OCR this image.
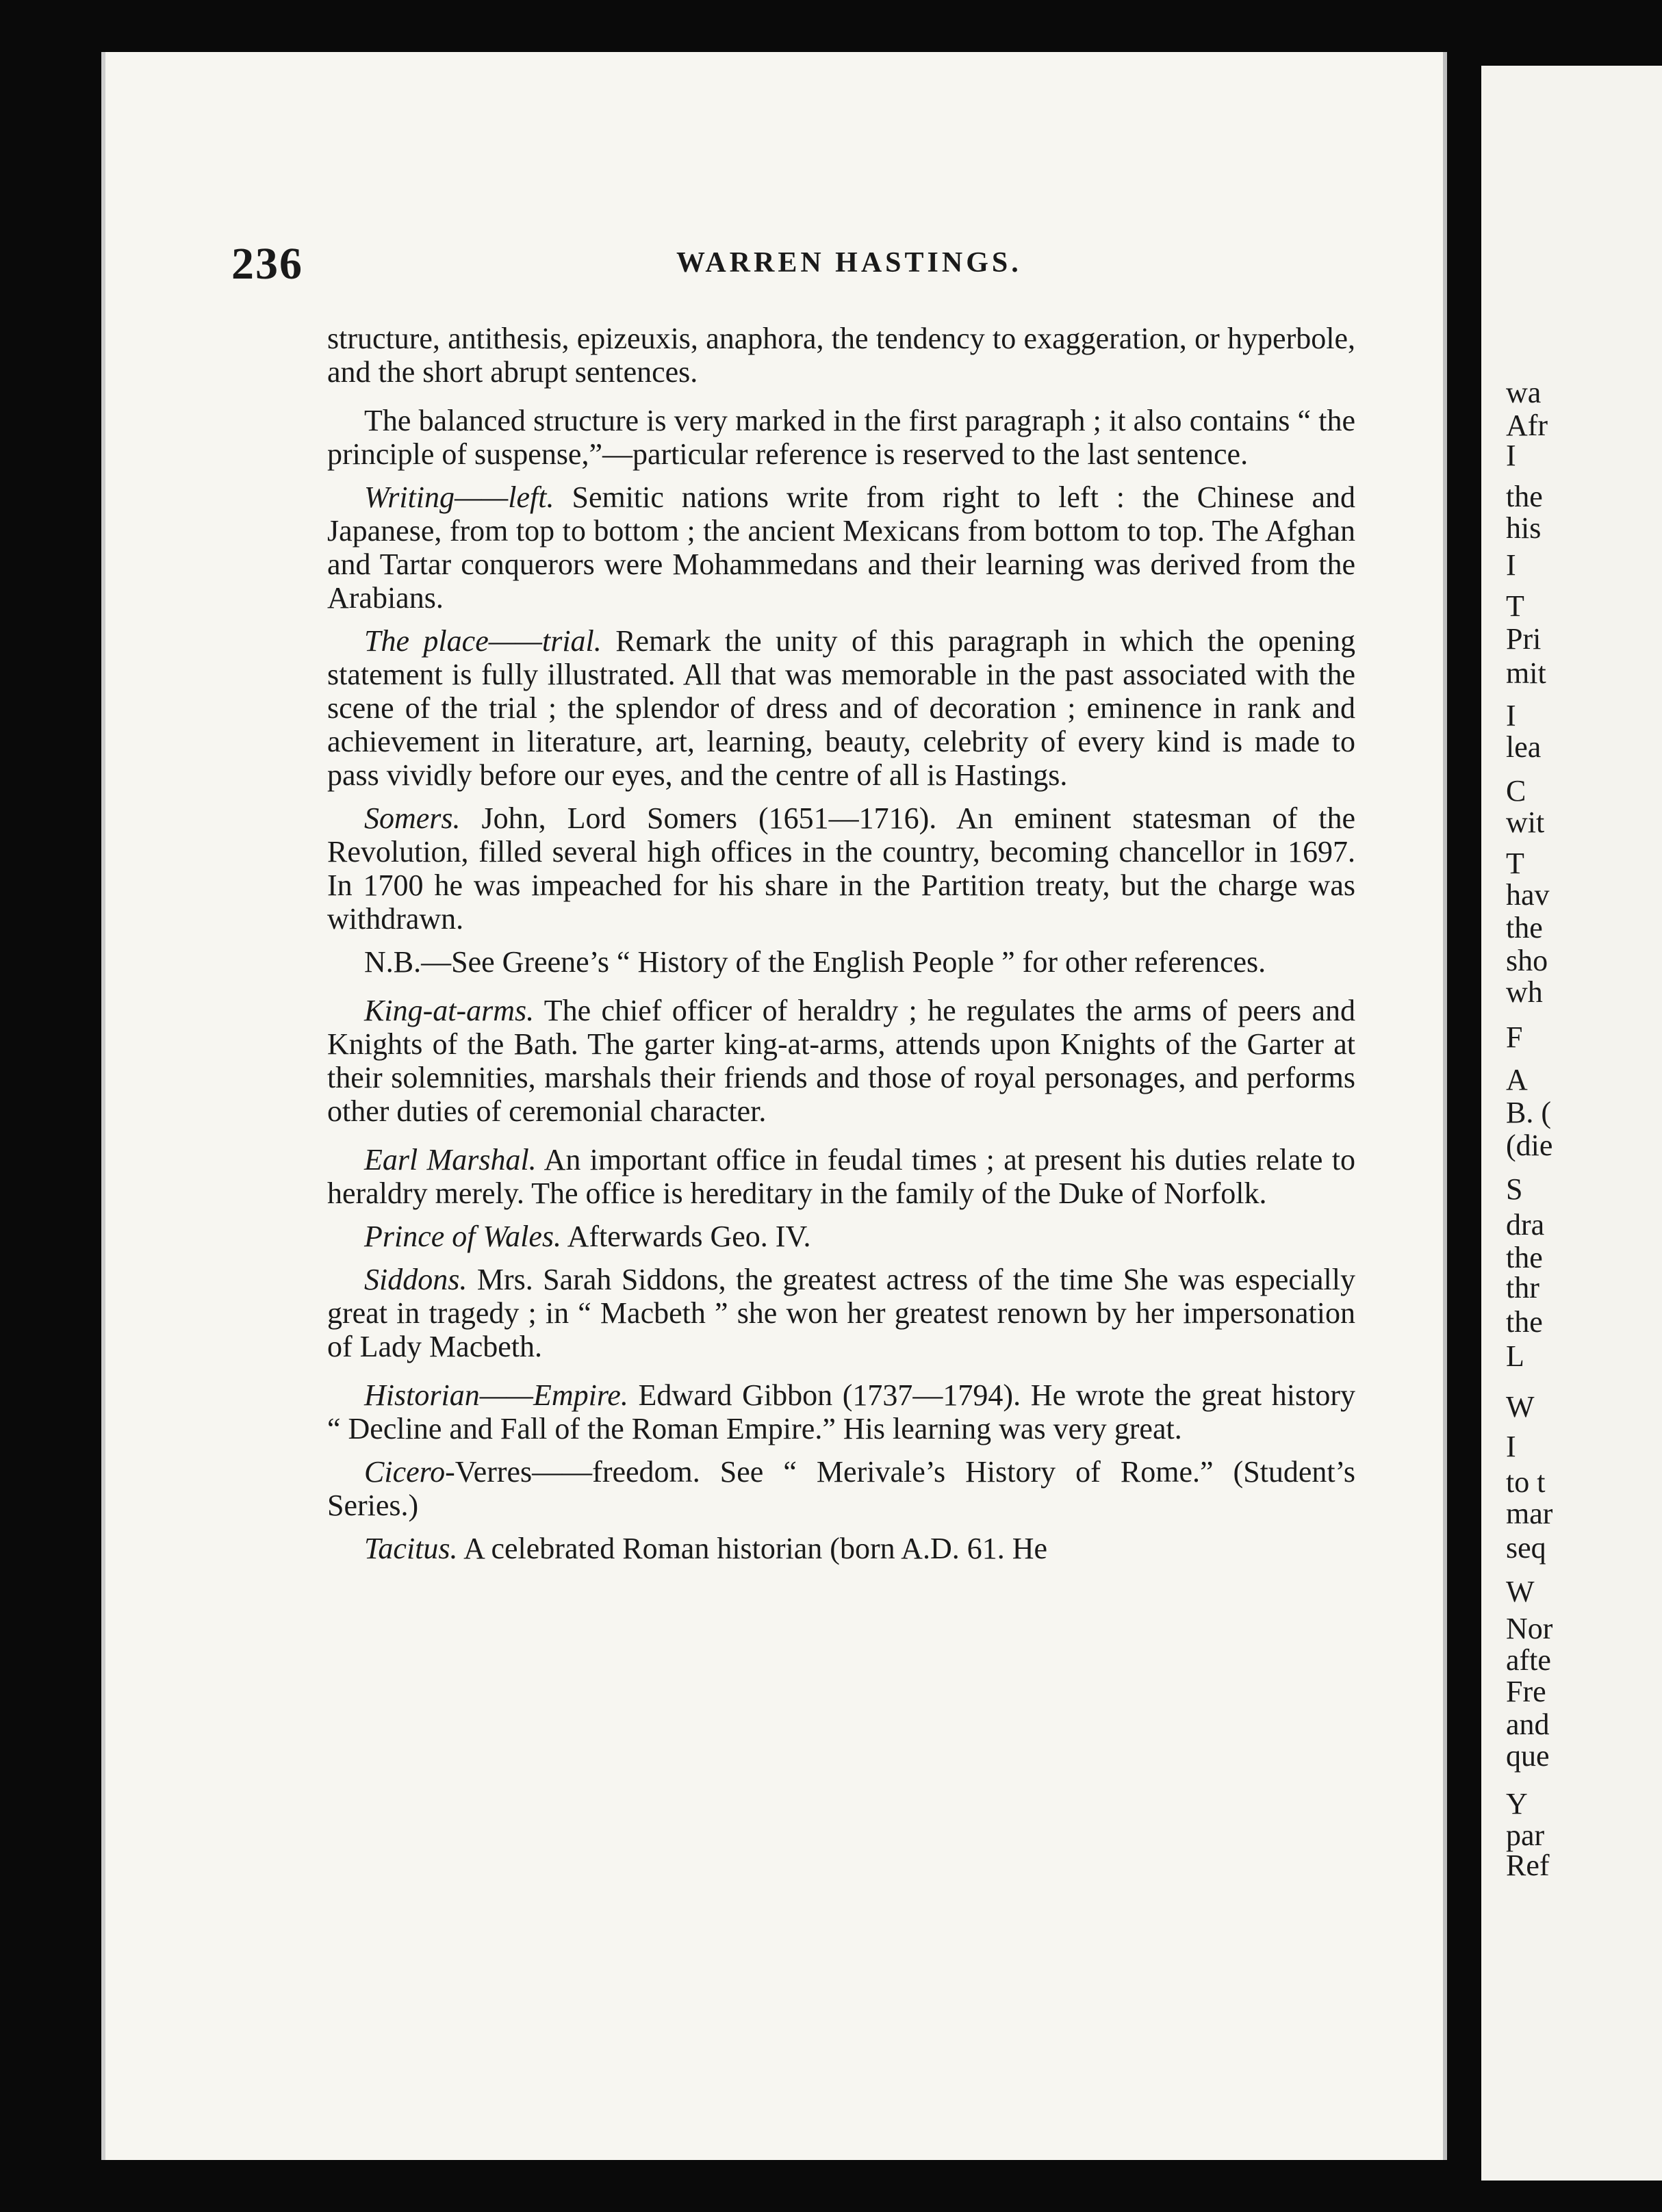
236	WARREN HASTINGS.

structure, antithesis, epizeuxis, anaphora, the tendency to exaggeration, or hyperbole, and the short abrupt sentences.

The balanced structure is very marked in the first paragraph ; it also contains “ the principle of suspense,”—particular reference is reserved to the last sentence.

Writing——left. Semitic nations write from right to left : the Chinese and Japanese, from top to bottom ; the ancient Mexicans from bottom to top. The Afghan and Tartar conquerors were Mohammedans and their learning was derived from the Arabians.

The place——trial. Remark the unity of this paragraph in which the opening statement is fully illustrated. All that was memorable in the past associated with the scene of the trial ; the splendor of dress and of decoration ; eminence in rank and achievement in literature, art, learning, beauty, celebrity of every kind is made to pass vividly before our eyes, and the centre of all is Hastings.

Somers. John, Lord Somers (1651—1716). An eminent statesman of the Revolution, filled several high offices in the country, becoming chancellor in 1697. In 1700 he was impeached for his share in the Partition treaty, but the charge was withdrawn.

N.B.—See Greene’s “ History of the English People ” for other references.

King-at-arms. The chief officer of heraldry ; he regulates the arms of peers and Knights of the Bath. The garter king-at-arms, attends upon Knights of the Garter at their solemnities, marshals their friends and those of royal personages, and performs other duties of ceremonial character.

Earl Marshal. An important office in feudal times ; at present his duties relate to heraldry merely. The office is hereditary in the family of the Duke of Norfolk.

Prince of Wales. Afterwards Geo. IV.

Siddons. Mrs. Sarah Siddons, the greatest actress of the time She was especially great in tragedy ; in “ Macbeth ” she won her greatest renown by her impersonation of Lady Macbeth.

Historian——Empire. Edward Gibbon (1737—1794). He wrote the great history “ Decline and Fall of the Roman Empire.” His learning was very great.

Cicero-Verres——freedom. See “ Merivale’s History of Rome.” (Student’s Series.)

Tacitus. A celebrated Roman historian (born A.D. 61. He

wa
Afr
I
the
his
I
T
Pri
mit
I
lea
C
wit
T
hav
the
sho
wh
F
A
B. (
(die
S
dra
the
thr
the
L
W
I
to t
mar
seq
W
Nor
afte
Fre
and
que
Y
par
Ref
